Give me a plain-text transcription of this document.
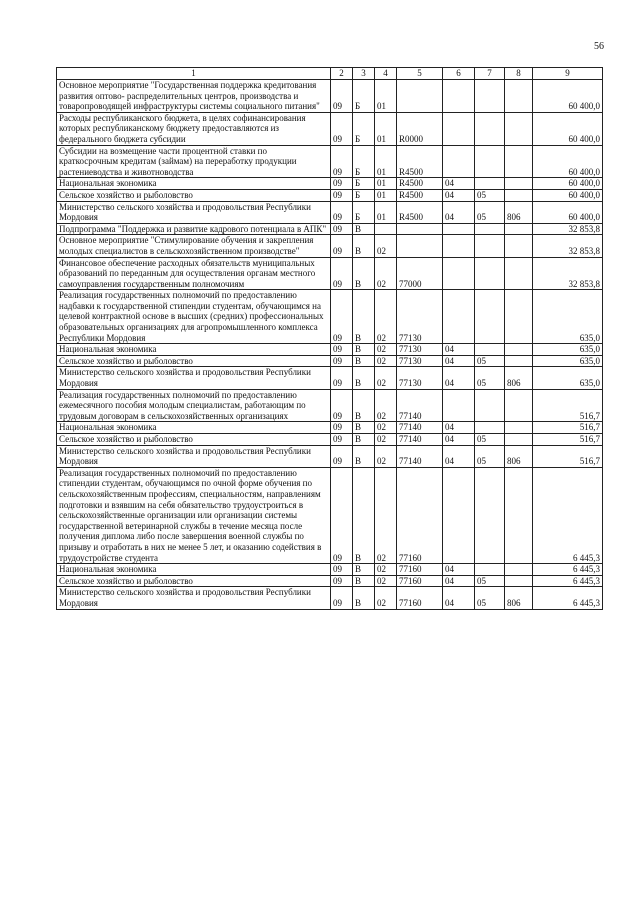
56
1	2	3	4	5	6	7	8	9
Основное мероприятие "Государственная поддержка кредитования развития оптово- распределительных центров, производства и товаропроводящей инфраструктуры системы социального питания"	09	Б	01					60 400,0
Расходы республиканского бюджета, в целях софинансирования которых республиканскому бюджету предоставляются из федерального бюджета субсидии	09	Б	01	R0000				60 400,0
Субсидии на возмещение части процентной ставки по краткосрочным кредитам (займам) на переработку продукции растениеводства и животноводства	09	Б	01	R4500				60 400,0
Национальная экономика	09	Б	01	R4500	04			60 400,0
Сельское хозяйство и рыболовство	09	Б	01	R4500	04	05		60 400,0
Министерство сельского хозяйства и продовольствия Республики Мордовия	09	Б	01	R4500	04	05	806	60 400,0
Подпрограмма "Поддержка и развитие кадрового потенциала в АПК"	09	В						32 853,8
Основное мероприятие "Стимулирование обучения и закрепления молодых специалистов в сельскохозяйственном производстве"	09	В	02					32 853,8
Финансовое обеспечение расходных обязательств муниципальных образований по переданным для осуществления органам местного самоуправления государственным полномочиям	09	В	02	77000				32 853,8
Реализация государственных полномочий по предоставлению надбавки к государственной стипендии студентам, обучающимся на целевой контрактной основе в высших (средних) профессиональных образовательных организациях для агропромышленного комплекса Республики Мордовия	09	В	02	77130				635,0
Национальная экономика	09	В	02	77130	04			635,0
Сельское хозяйство и рыболовство	09	В	02	77130	04	05		635,0
Министерство сельского хозяйства и продовольствия Республики Мордовия	09	В	02	77130	04	05	806	635,0
Реализация государственных полномочий по предоставлению ежемесячного пособия молодым специалистам, работающим по трудовым договорам в сельскохозяйственных организациях	09	В	02	77140				516,7
Национальная экономика	09	В	02	77140	04			516,7
Сельское хозяйство и рыболовство	09	В	02	77140	04	05		516,7
Министерство сельского хозяйства и продовольствия Республики Мордовия	09	В	02	77140	04	05	806	516,7
Реализация государственных полномочий по предоставлению стипендии студентам, обучающимся по очной форме обучения по сельскохозяйственным профессиям, специальностям, направлениям подготовки и взявшим на себя обязательство трудоустроиться в сельскохозяйственные организации или организации системы государственной ветеринарной службы в течение месяца после получения диплома либо после завершения военной службы по призыву и отработать в них не менее 5 лет, и оказанию содействия в трудоустройстве студента	09	В	02	77160				6 445,3
Национальная экономика	09	В	02	77160	04			6 445,3
Сельское хозяйство и рыболовство	09	В	02	77160	04	05		6 445,3
Министерство сельского хозяйства и продовольствия Республики Мордовия	09	В	02	77160	04	05	806	6 445,3
